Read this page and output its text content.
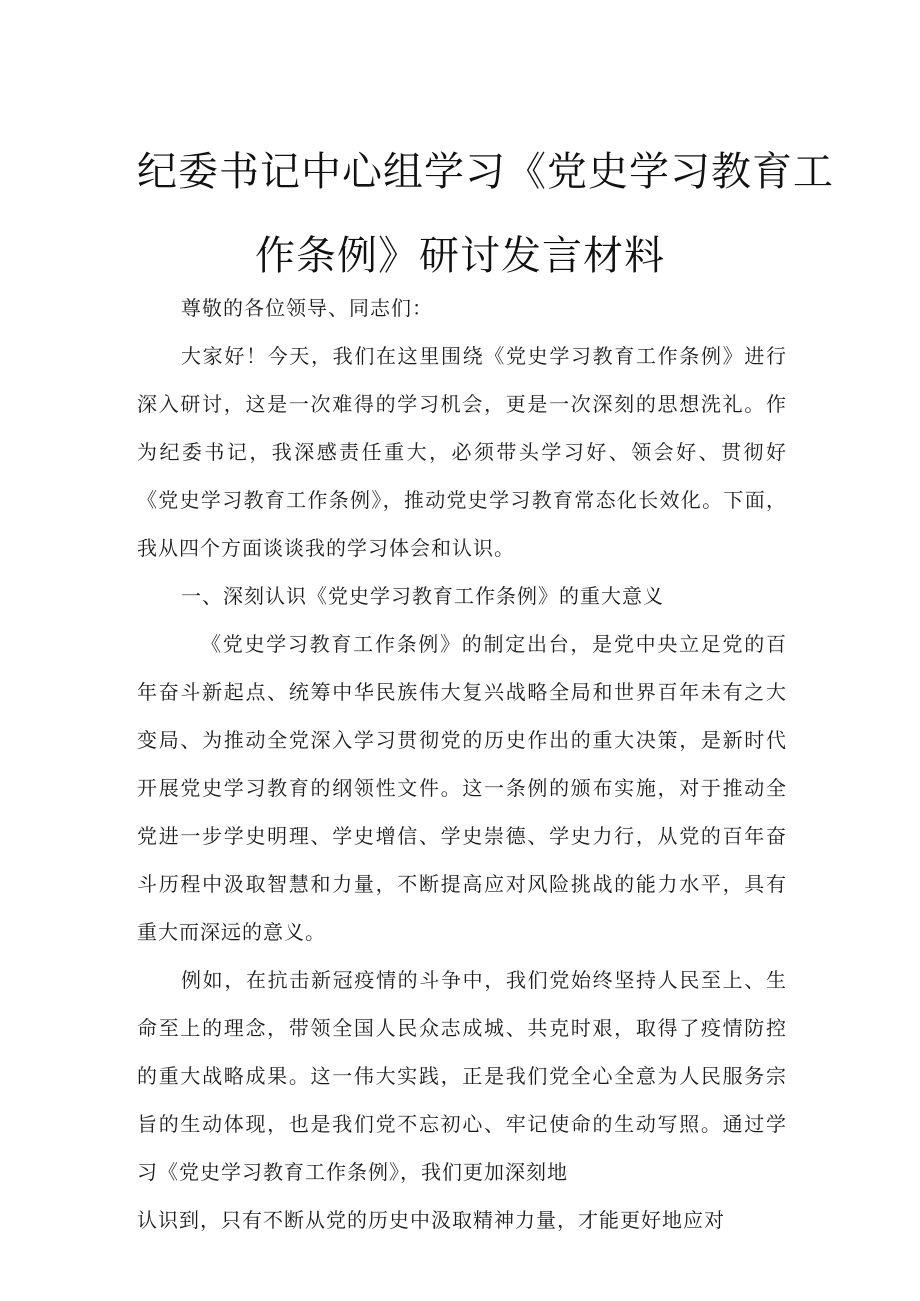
纪委书记中心组学习《党史学习教育工
作条例》研讨发言材料

尊敬的各位领导、同志们：

大家好！今天，我们在这里围绕《党史学习教育工作条例》进行深入研讨，这是一次难得的学习机会，更是一次深刻的思想洗礼。作为纪委书记，我深感责任重大，必须带头学习好、领会好、贯彻好《党史学习教育工作条例》，推动党史学习教育常态化长效化。下面，我从四个方面谈谈我的学习体会和认识。

一、深刻认识《党史学习教育工作条例》的重大意义

《党史学习教育工作条例》的制定出台，是党中央立足党的百年奋斗新起点、统筹中华民族伟大复兴战略全局和世界百年未有之大变局、为推动全党深入学习贯彻党的历史作出的重大决策，是新时代开展党史学习教育的纲领性文件。这一条例的颁布实施，对于推动全党进一步学史明理、学史增信、学史崇德、学史力行，从党的百年奋斗历程中汲取智慧和力量，不断提高应对风险挑战的能力水平，具有重大而深远的意义。

例如，在抗击新冠疫情的斗争中，我们党始终坚持人民至上、生命至上的理念，带领全国人民众志成城、共克时艰，取得了疫情防控的重大战略成果。这一伟大实践，正是我们党全心全意为人民服务宗旨的生动体现，也是我们党不忘初心、牢记使命的生动写照。通过学习《党史学习教育工作条例》，我们更加深刻地

认识到，只有不断从党的历史中汲取精神力量，才能更好地应对
